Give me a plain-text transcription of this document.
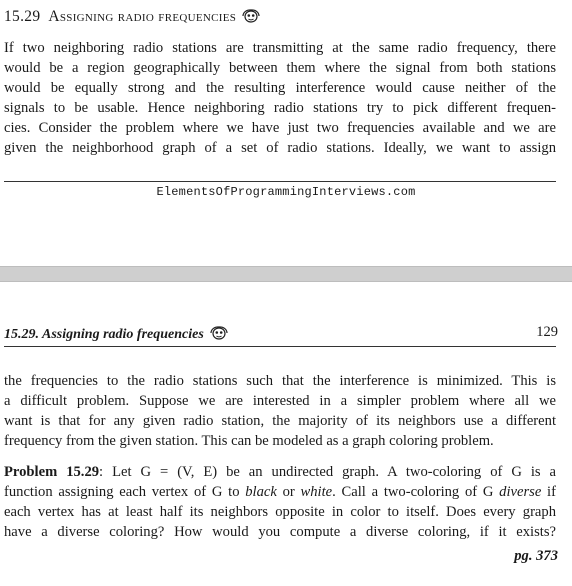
15.29 Assigning radio frequencies
If two neighboring radio stations are transmitting at the same radio frequency, there
would be a region geographically between them where the signal from both stations
would be equally strong and the resulting interference would cause neither of the
signals to be usable. Hence neighboring radio stations try to pick different frequen-
cies. Consider the problem where we have just two frequencies available and we are
given the neighborhood graph of a set of radio stations. Ideally, we want to assign
ElementsOfProgrammingInterviews.com
15.29. Assigning radio frequencies	129
the frequencies to the radio stations such that the interference is minimized. This is
a difficult problem. Suppose we are interested in a simpler problem where all we
want is that for any given radio station, the majority of its neighbors use a different
frequency from the given station. This can be modeled as a graph coloring problem.
Problem 15.29: Let G = (V, E) be an undirected graph. A two-coloring of G is a
function assigning each vertex of G to black or white. Call a two-coloring of G diverse if
each vertex has at least half its neighbors opposite in color to itself. Does every graph
have a diverse coloring? How would you compute a diverse coloring, if it exists?
pg. 373
